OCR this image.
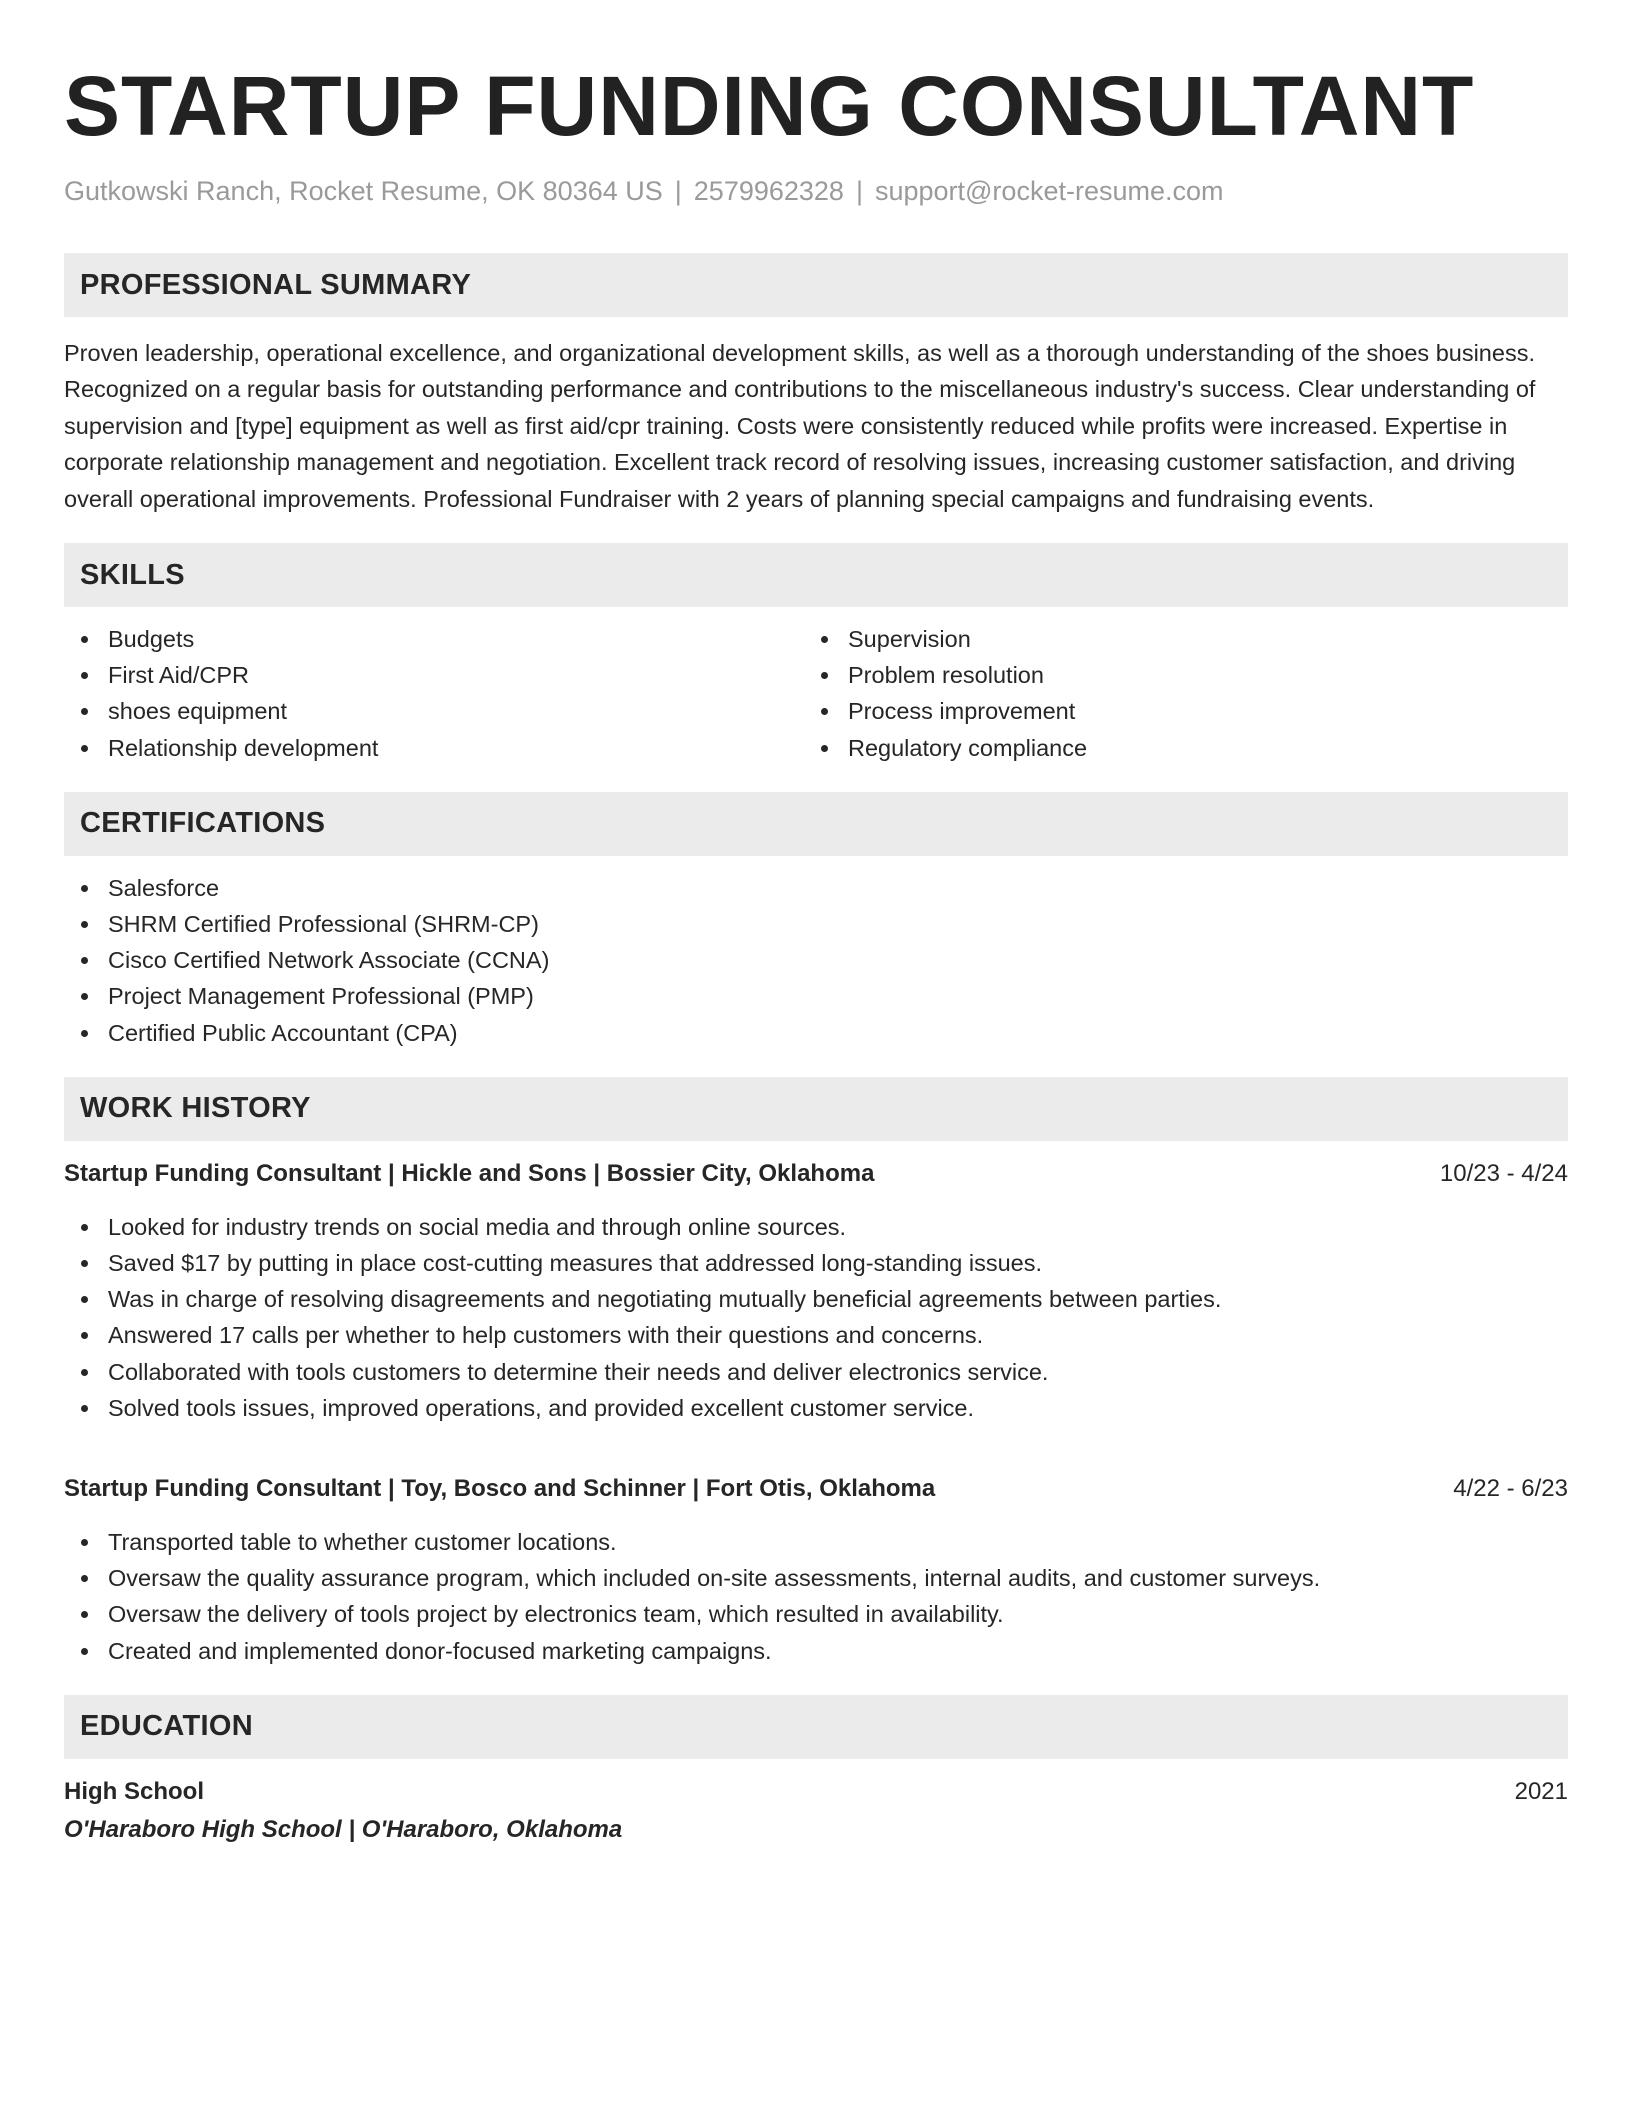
STARTUP FUNDING CONSULTANT
Gutkowski Ranch, Rocket Resume, OK 80364 US | 2579962328 | support@rocket-resume.com
PROFESSIONAL SUMMARY

Proven leadership, operational excellence, and organizational development skills, as well as a thorough understanding of the shoes business. Recognized on a regular basis for outstanding performance and contributions to the miscellaneous industry's success. Clear understanding of supervision and [type] equipment as well as first aid/cpr training. Costs were consistently reduced while profits were increased. Expertise in corporate relationship management and negotiation. Excellent track record of resolving issues, increasing customer satisfaction, and driving overall operational improvements. Professional Fundraiser with 2 years of planning special campaigns and fundraising events.

SKILLS
Budgets
First Aid/CPR
shoes equipment
Relationship development
Supervision
Problem resolution
Process improvement
Regulatory compliance
CERTIFICATIONS
Salesforce
SHRM Certified Professional (SHRM-CP)
Cisco Certified Network Associate (CCNA)
Project Management Professional (PMP)
Certified Public Accountant (CPA)
WORK HISTORY
Startup Funding Consultant | Hickle and Sons | Bossier City, Oklahoma	10/23 - 4/24
Looked for industry trends on social media and through online sources.
Saved $17 by putting in place cost-cutting measures that addressed long-standing issues.
Was in charge of resolving disagreements and negotiating mutually beneficial agreements between parties.
Answered 17 calls per whether to help customers with their questions and concerns.
Collaborated with tools customers to determine their needs and deliver electronics service.
Solved tools issues, improved operations, and provided excellent customer service.
Startup Funding Consultant | Toy, Bosco and Schinner | Fort Otis, Oklahoma	4/22 - 6/23
Transported table to whether customer locations.
Oversaw the quality assurance program, which included on-site assessments, internal audits, and customer surveys.
Oversaw the delivery of tools project by electronics team, which resulted in availability.
Created and implemented donor-focused marketing campaigns.
EDUCATION
High School	2021
O'Haraboro High School | O'Haraboro, Oklahoma
